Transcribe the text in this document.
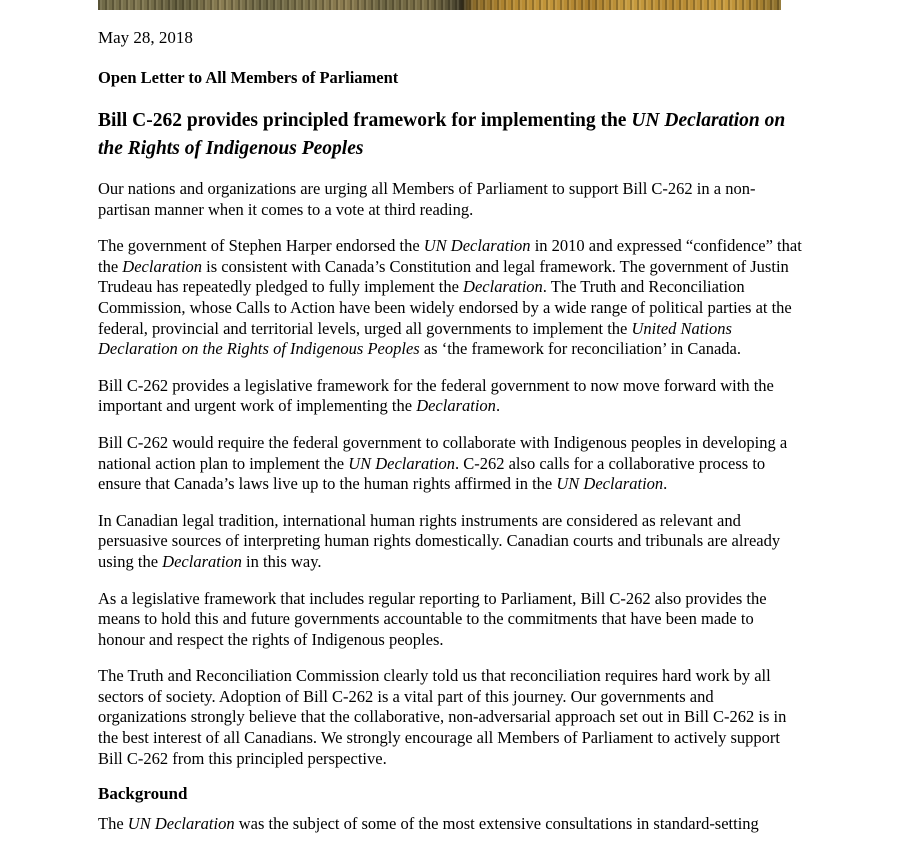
May 28, 2018

Open Letter to All Members of Parliament

Bill C-262 provides principled framework for implementing the UN Declaration on the Rights of Indigenous Peoples

Our nations and organizations are urging all Members of Parliament to support Bill C-262 in a non-partisan manner when it comes to a vote at third reading.

The government of Stephen Harper endorsed the UN Declaration in 2010 and expressed “confidence” that the Declaration is consistent with Canada’s Constitution and legal framework. The government of Justin Trudeau has repeatedly pledged to fully implement the Declaration. The Truth and Reconciliation Commission, whose Calls to Action have been widely endorsed by a wide range of political parties at the federal, provincial and territorial levels, urged all governments to implement the United Nations Declaration on the Rights of Indigenous Peoples as ‘the framework for reconciliation’ in Canada.

Bill C-262 provides a legislative framework for the federal government to now move forward with the important and urgent work of implementing the Declaration.

Bill C-262 would require the federal government to collaborate with Indigenous peoples in developing a national action plan to implement the UN Declaration. C-262 also calls for a collaborative process to ensure that Canada’s laws live up to the human rights affirmed in the UN Declaration.

In Canadian legal tradition, international human rights instruments are considered as relevant and persuasive sources of interpreting human rights domestically. Canadian courts and tribunals are already using the Declaration in this way.

As a legislative framework that includes regular reporting to Parliament, Bill C-262 also provides the means to hold this and future governments accountable to the commitments that have been made to honour and respect the rights of Indigenous peoples.

The Truth and Reconciliation Commission clearly told us that reconciliation requires hard work by all sectors of society. Adoption of Bill C-262 is a vital part of this journey. Our governments and organizations strongly believe that the collaborative, non-adversarial approach set out in Bill C-262 is in the best interest of all Canadians. We strongly encourage all Members of Parliament to actively support Bill C-262 from this principled perspective.

Background

The UN Declaration was the subject of some of the most extensive consultations in standard-setting
